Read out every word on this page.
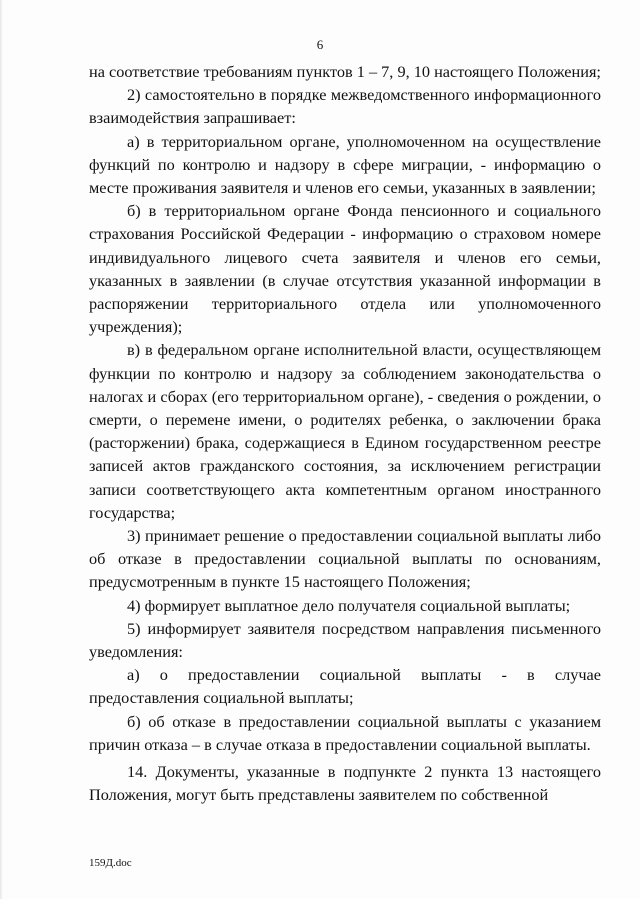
6

на соответствие требованиям пунктов 1 – 7, 9, 10 настоящего Положения;

2) самостоятельно в порядке межведомственного информационного взаимодействия запрашивает:

а) в территориальном органе, уполномоченном на осуществление функций по контролю и надзору в сфере миграции, - информацию о месте проживания заявителя и членов его семьи, указанных в заявлении;

б) в территориальном органе Фонда пенсионного и социального страхования Российской Федерации - информацию о страховом номере индивидуального лицевого счета заявителя и членов его семьи, указанных в заявлении (в случае отсутствия указанной информации в распоряжении территориального отдела или уполномоченного учреждения);

в) в федеральном органе исполнительной власти, осуществляющем функции по контролю и надзору за соблюдением законодательства о налогах и сборах (его территориальном органе), - сведения о рождении, о смерти, о перемене имени, о родителях ребенка, о заключении брака (расторжении) брака, содержащиеся в Едином государственном реестре записей актов гражданского состояния, за исключением регистрации записи соответствующего акта компетентным органом иностранного государства;

3) принимает решение о предоставлении социальной выплаты либо об отказе в предоставлении социальной выплаты по основаниям, предусмотренным в пункте 15 настоящего Положения;

4) формирует выплатное дело получателя социальной выплаты;

5) информирует заявителя посредством направления письменного уведомления:

а) о предоставлении социальной выплаты - в случае предоставления социальной выплаты;

б) об отказе в предоставлении социальной выплаты с указанием причин отказа – в случае отказа в предоставлении социальной выплаты.

14. Документы, указанные в подпункте 2 пункта 13 настоящего Положения, могут быть представлены заявителем по собственной

159Д.doc
